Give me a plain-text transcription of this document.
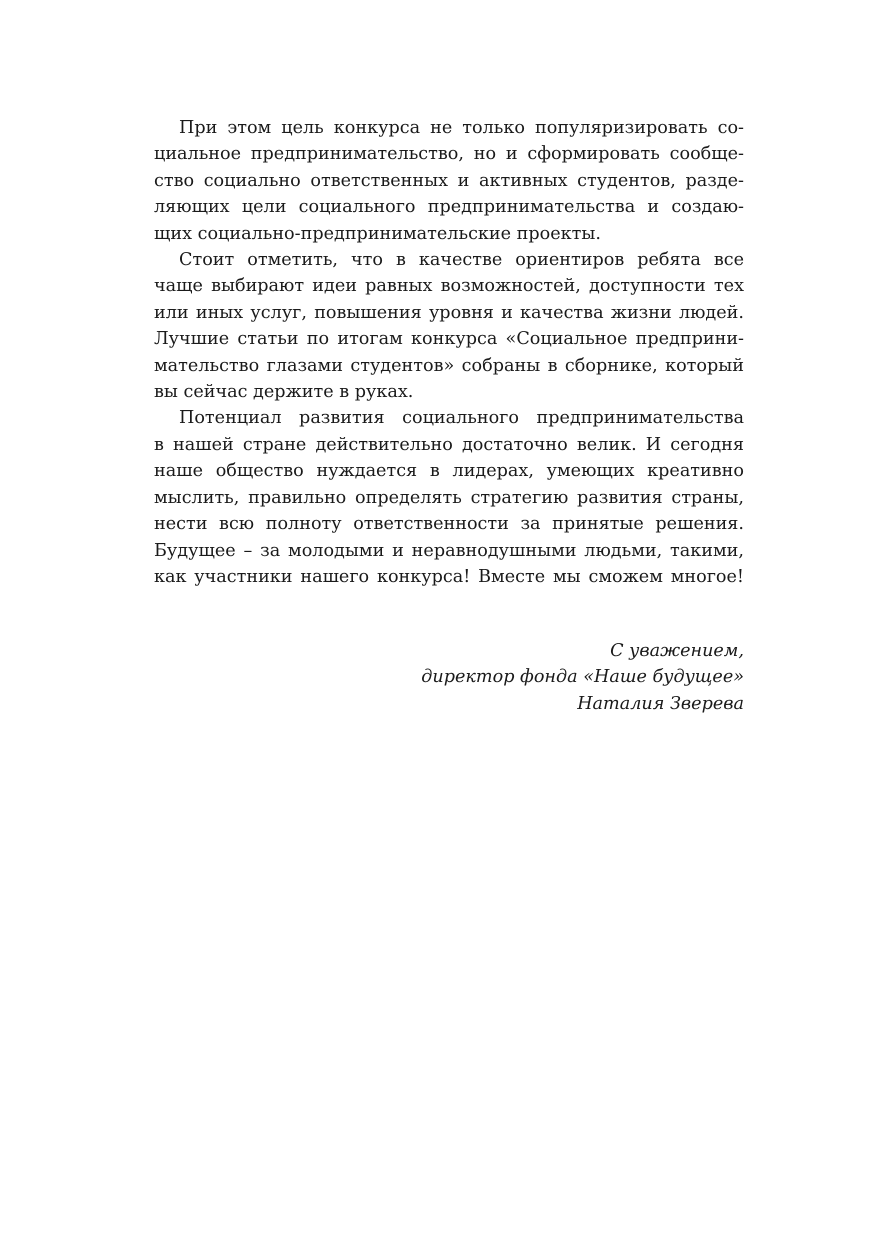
При этом цель конкурса не только популяризировать со-
циальное предпринимательство, но и сформировать сообще-
ство социально ответственных и активных студентов, разде-
ляющих цели социального предпринимательства и создаю-
щих социально-предпринимательские проекты.
Стоит отметить, что в качестве ориентиров ребята все
чаще выбирают идеи равных возможностей, доступности тех
или иных услуг, повышения уровня и качества жизни людей.
Лучшие статьи по итогам конкурса «Социальное предприни-
мательство глазами студентов» собраны в сборнике, который
вы сейчас держите в руках.
Потенциал развития социального предпринимательства
в нашей стране действительно достаточно велик. И сегодня
наше общество нуждается в лидерах, умеющих креативно
мыслить, правильно определять стратегию развития страны,
нести всю полноту ответственности за принятые решения.
Будущее – за молодыми и неравнодушными людьми, такими,
как участники нашего конкурса! Вместе мы сможем многое!
С уважением,
директор фонда «Наше будущее»
Наталия Зверева
